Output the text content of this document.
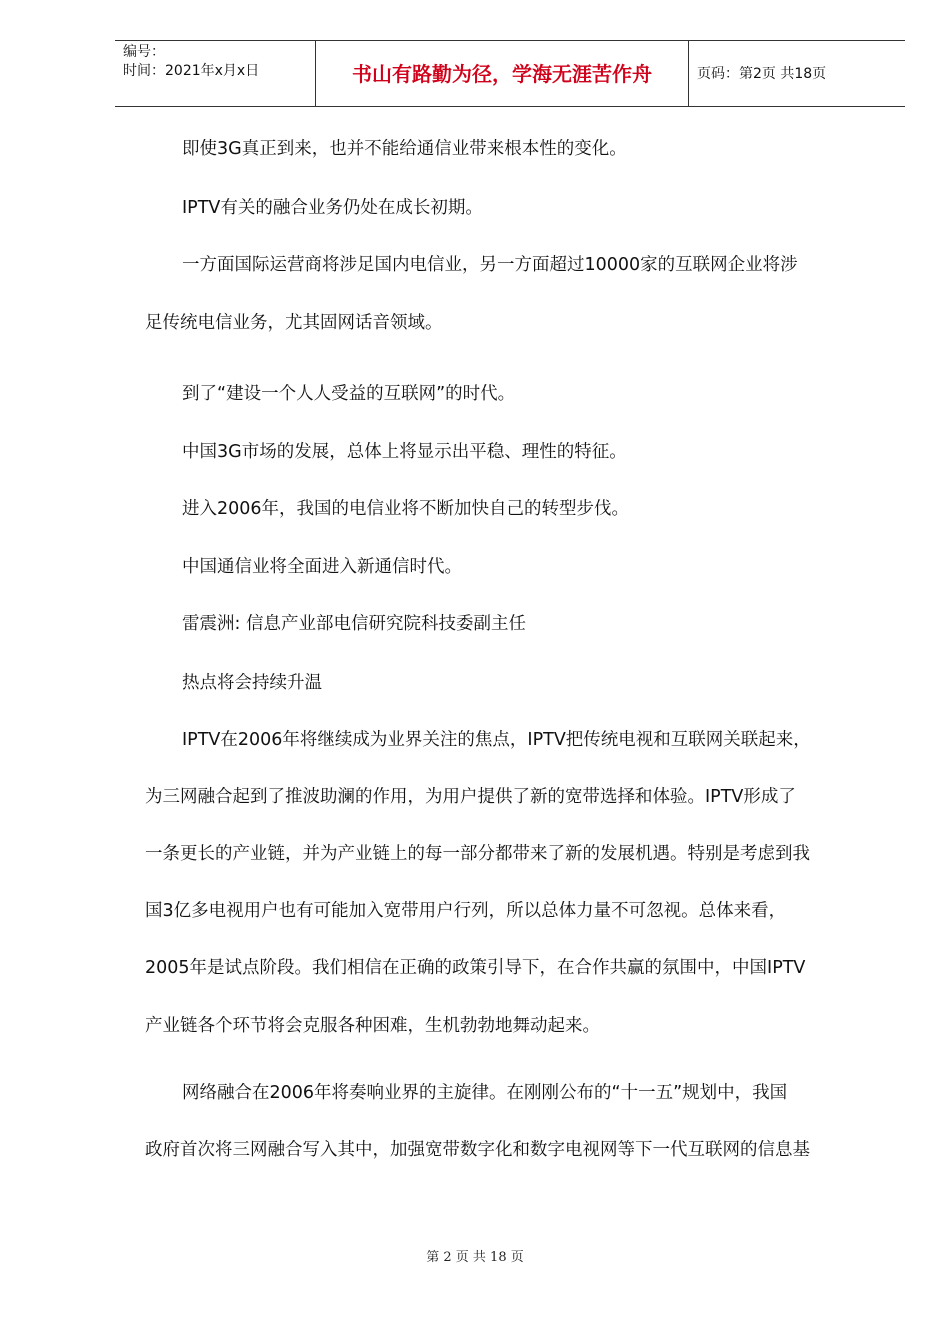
编号：
时间：2021年x月x日	书山有路勤为径，学海无涯苦作舟	页码：第2页 共18页
即使3G真正到来，也并不能给通信业带来根本性的变化。
IPTV有关的融合业务仍处在成长初期。
一方面国际运营商将涉足国内电信业，另一方面超过10000家的互联网企业将涉
足传统电信业务，尤其固网话音领域。
到了“建设一个人人受益的互联网”的时代。
中国3G市场的发展，总体上将显示出平稳、理性的特征。
进入2006年，我国的电信业将不断加快自己的转型步伐。
中国通信业将全面进入新通信时代。
雷震洲: 信息产业部电信研究院科技委副主任
热点将会持续升温
IPTV在2006年将继续成为业界关注的焦点，IPTV把传统电视和互联网关联起来，
为三网融合起到了推波助澜的作用，为用户提供了新的宽带选择和体验。IPTV形成了
一条更长的产业链，并为产业链上的每一部分都带来了新的发展机遇。特别是考虑到我
国3亿多电视用户也有可能加入宽带用户行列，所以总体力量不可忽视。总体来看，
2005年是试点阶段。我们相信在正确的政策引导下，在合作共赢的氛围中，中国IPTV
产业链各个环节将会克服各种困难，生机勃勃地舞动起来。
网络融合在2006年将奏响业界的主旋律。在刚刚公布的“十一五”规划中，我国
政府首次将三网融合写入其中，加强宽带数字化和数字电视网等下一代互联网的信息基
第 2 页 共 18 页
